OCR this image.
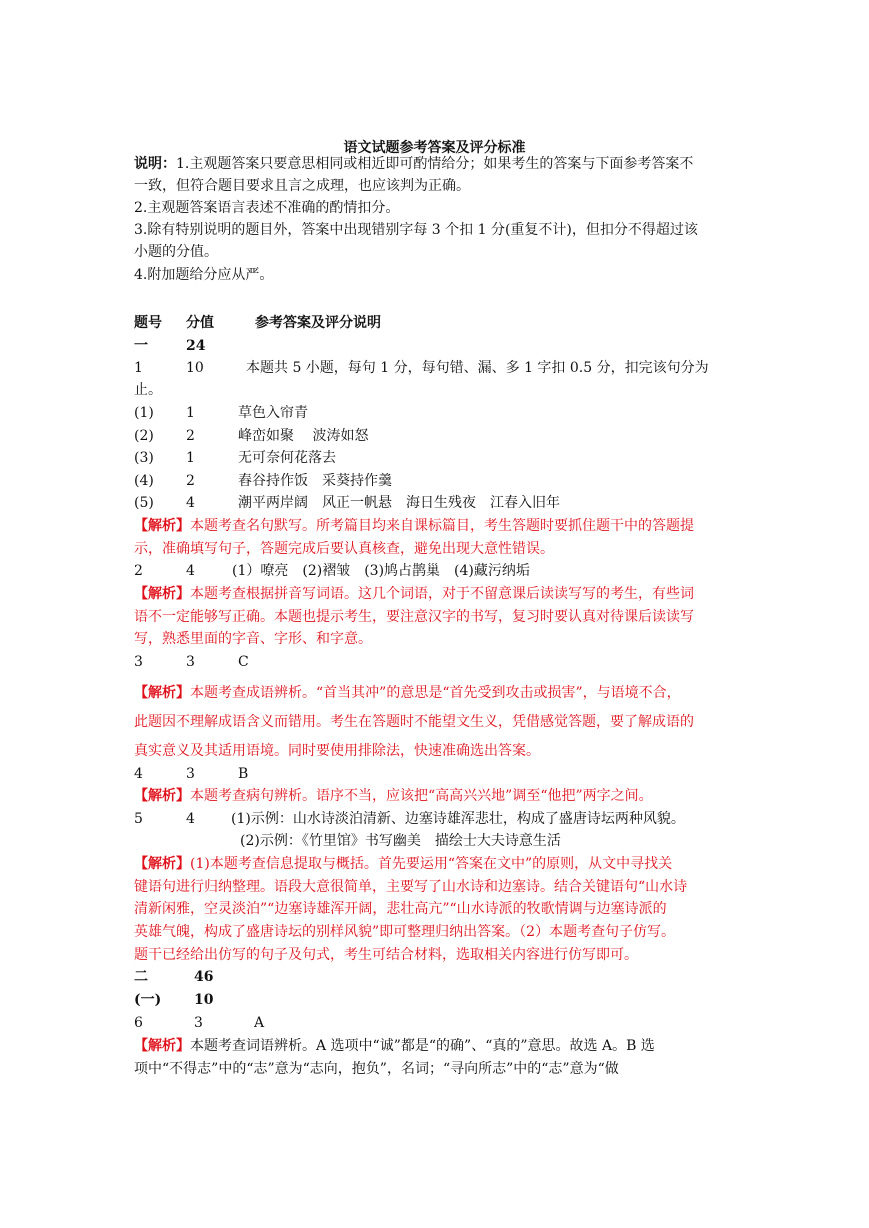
语文试题参考答案及评分标准
说明：1.主观题答案只要意思相同或相近即可酌情给分；如果考生的答案与下面参考答案不
一致，但符合题目要求且言之成理，也应该判为正确。
2.主观题答案语言表述不准确的酌情扣分。
3.除有特别说明的题目外，答案中出现错别字每 3 个扣 1 分(重复不计)，但扣分不得超过该
小题的分值。
4.附加题给分应从严。
题号 分值	参考答案及评分说明
一	24
1	10	本题共 5 小题，每句 1 分，每句错、漏、多 1 字扣 0.5 分，扣完该句分为
止。
(1) 1	草色入帘青
(2) 2	峰峦如聚　 波涛如怒
(3) 1	无可奈何花落去
(4) 2	舂谷持作饭　采葵持作羹
(5) 4	潮平两岸阔　风正一帆悬　海日生残夜　江春入旧年
【解析】本题考查名句默写。所考篇目均来自课标篇目，考生答题时要抓住题干中的答题提
示，准确填写句子，答题完成后要认真核查，避免出现大意性错误。
2	4	(1）嘹亮　(2)褶皱　(3)鸠占鹊巢　(4)藏污纳垢
【解析】本题考查根据拼音写词语。这几个词语，对于不留意课后读读写写的考生，有些词
语不一定能够写正确。本题也提示考生，要注意汉字的书写，复习时要认真对待课后读读写
写，熟悉里面的字音、字形、和字意。
3	3	C
【解析】本题考查成语辨析。“首当其冲”的意思是“首先受到攻击或损害”，与语境不合，
此题因不理解成语含义而错用。考生在答题时不能望文生义，凭借感觉答题，要了解成语的
真实意义及其适用语境。同时要使用排除法，快速准确选出答案。
4	3	B
【解析】本题考查病句辨析。语序不当，应该把“高高兴兴地”调至“他把”两字之间。
5	4	(1)示例：山水诗淡泊清新、边塞诗雄浑悲壮，构成了盛唐诗坛两种风貌。
(2)示例：《竹里馆》书写幽美　描绘士大夫诗意生活
【解析】(1)本题考查信息提取与概括。首先要运用“答案在文中”的原则，从文中寻找关
键语句进行归纳整理。语段大意很简单，主要写了山水诗和边塞诗。结合关键语句“山水诗
清新闲雅，空灵淡泊”“边塞诗雄浑开阔，悲壮高亢”“山水诗派的牧歌情调与边塞诗派的
英雄气魄，构成了盛唐诗坛的别样风貌”即可整理归纳出答案。（2）本题考查句子仿写。
题干已经给出仿写的句子及句式，考生可结合材料，选取相关内容进行仿写即可。
二	46
(一) 10
6	3	A
【解析】本题考查词语辨析。A 选项中“诚”都是“的确”、“真的”意思。故选 A。B 选
项中“不得志”中的“志”意为“志向，抱负”，名词；“寻向所志”中的“志”意为“做
